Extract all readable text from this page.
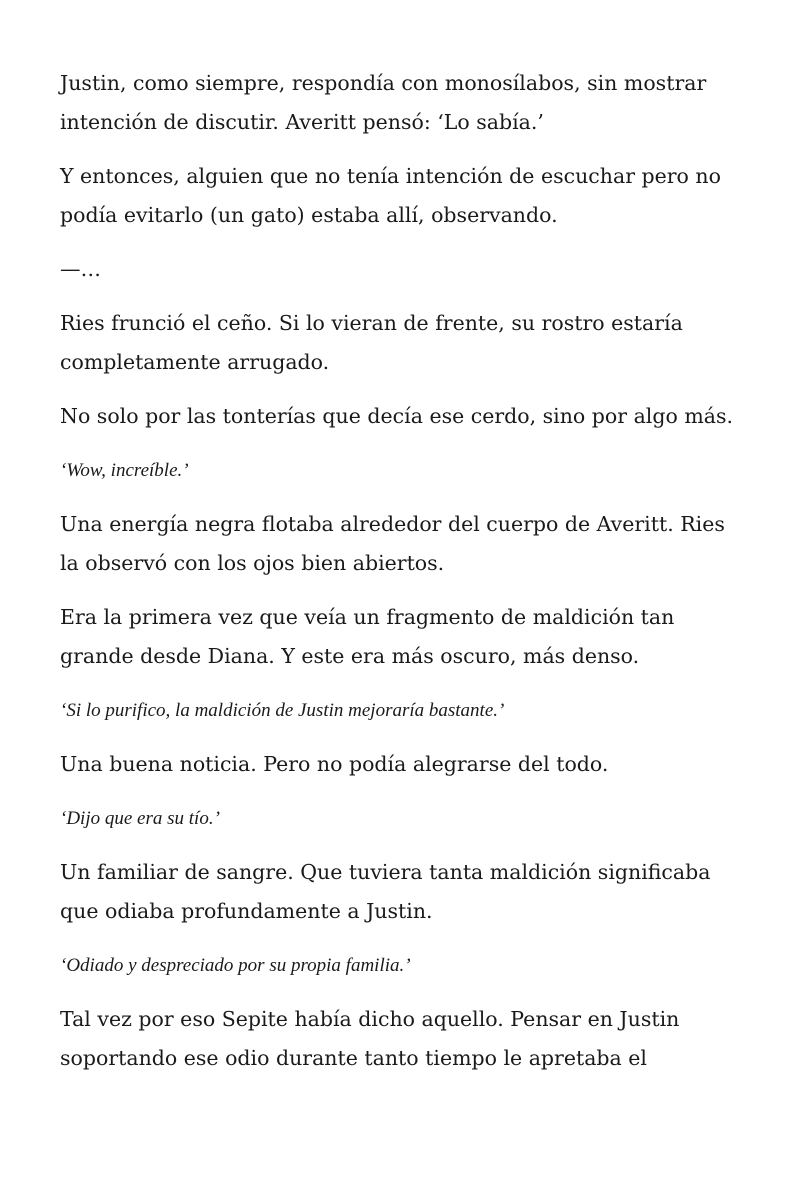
Justin, como siempre, respondía con monosílabos, sin mostrar intención de discutir. Averitt pensó: ‘Lo sabía.’

Y entonces, alguien que no tenía intención de escuchar pero no podía evitarlo (un gato) estaba allí, observando.

—…

Ries frunció el ceño. Si lo vieran de frente, su rostro estaría completamente arrugado.

No solo por las tonterías que decía ese cerdo, sino por algo más.

‘Wow, increíble.’

Una energía negra flotaba alrededor del cuerpo de Averitt. Ries la observó con los ojos bien abiertos.

Era la primera vez que veía un fragmento de maldición tan grande desde Diana. Y este era más oscuro, más denso.

‘Si lo purifico, la maldición de Justin mejoraría bastante.’

Una buena noticia. Pero no podía alegrarse del todo.

‘Dijo que era su tío.’

Un familiar de sangre. Que tuviera tanta maldición significaba que odiaba profundamente a Justin.

‘Odiado y despreciado por su propia familia.’

Tal vez por eso Sepite había dicho aquello. Pensar en Justin soportando ese odio durante tanto tiempo le apretaba el
